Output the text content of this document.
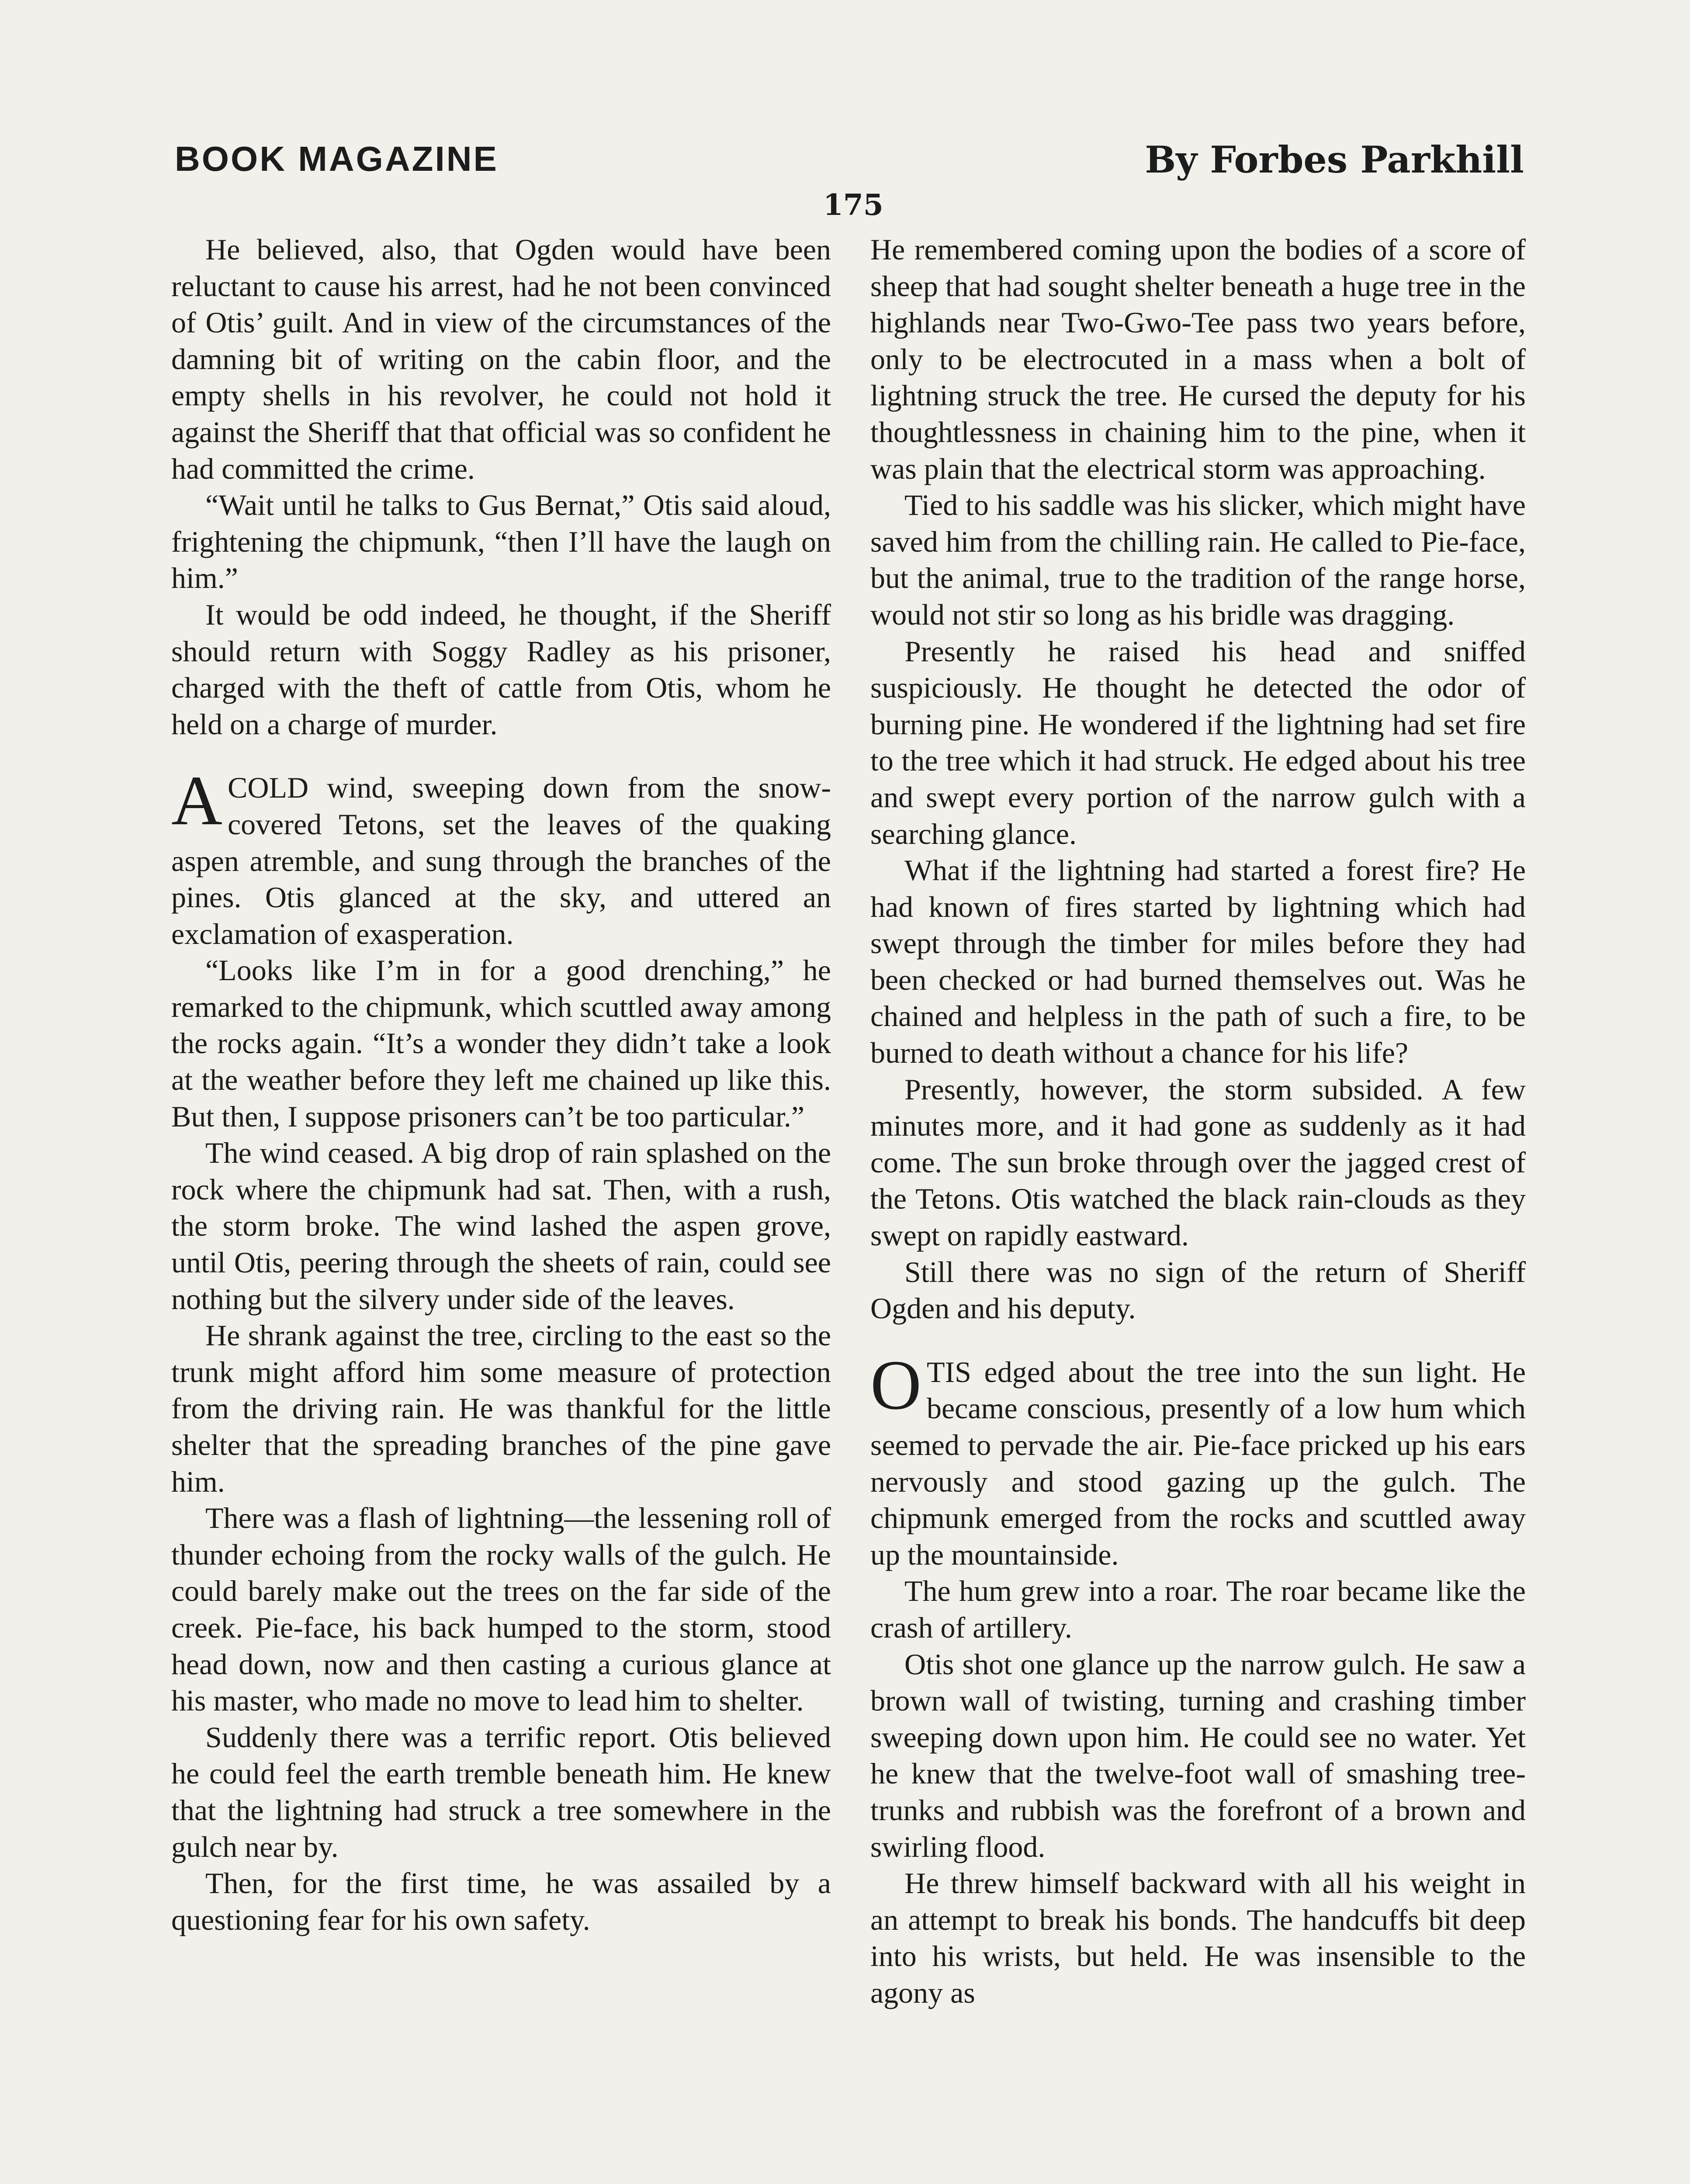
BOOK MAGAZINE	By Forbes Parkhill
175

He believed, also, that Ogden would have been reluctant to cause his arrest, had he not been convinced of Otis’ guilt. And in view of the circumstances of the damning bit of writing on the cabin floor, and the empty shells in his revolver, he could not hold it against the Sheriff that that official was so confident he had committed the crime.

“Wait until he talks to Gus Bernat,” Otis said aloud, frightening the chipmunk, “then I’ll have the laugh on him.”

It would be odd indeed, he thought, if the Sheriff should return with Soggy Radley as his prisoner, charged with the theft of cattle from Otis, whom he held on a charge of murder.

A COLD wind, sweeping down from the snow-covered Tetons, set the leaves of the quaking aspen atremble, and sung through the branches of the pines. Otis glanced at the sky, and uttered an exclamation of exasperation.

“Looks like I’m in for a good drenching,” he remarked to the chipmunk, which scuttled away among the rocks again. “It’s a wonder they didn’t take a look at the weather before they left me chained up like this. But then, I suppose prisoners can’t be too particular.”

The wind ceased. A big drop of rain splashed on the rock where the chipmunk had sat. Then, with a rush, the storm broke. The wind lashed the aspen grove, until Otis, peering through the sheets of rain, could see nothing but the silvery under side of the leaves.

He shrank against the tree, circling to the east so the trunk might afford him some measure of protection from the driving rain. He was thankful for the little shelter that the spreading branches of the pine gave him.

There was a flash of lightning—the lessening roll of thunder echoing from the rocky walls of the gulch. He could barely make out the trees on the far side of the creek. Pie-face, his back humped to the storm, stood head down, now and then casting a curious glance at his master, who made no move to lead him to shelter.

Suddenly there was a terrific report. Otis believed he could feel the earth tremble beneath him. He knew that the lightning had struck a tree somewhere in the gulch near by.

Then, for the first time, he was assailed by a questioning fear for his own safety.

He remembered coming upon the bodies of a score of sheep that had sought shelter beneath a huge tree in the highlands near Two-Gwo-Tee pass two years before, only to be electrocuted in a mass when a bolt of lightning struck the tree. He cursed the deputy for his thoughtlessness in chaining him to the pine, when it was plain that the electrical storm was approaching.

Tied to his saddle was his slicker, which might have saved him from the chilling rain. He called to Pie-face, but the animal, true to the tradition of the range horse, would not stir so long as his bridle was dragging.

Presently he raised his head and sniffed suspiciously. He thought he detected the odor of burning pine. He wondered if the lightning had set fire to the tree which it had struck. He edged about his tree and swept every portion of the narrow gulch with a searching glance.

What if the lightning had started a forest fire? He had known of fires started by lightning which had swept through the timber for miles before they had been checked or had burned themselves out. Was he chained and helpless in the path of such a fire, to be burned to death without a chance for his life?

Presently, however, the storm subsided. A few minutes more, and it had gone as suddenly as it had come. The sun broke through over the jagged crest of the Tetons. Otis watched the black rain-clouds as they swept on rapidly eastward.

Still there was no sign of the return of Sheriff Ogden and his deputy.

OTIS edged about the tree into the sun light. He became conscious, presently of a low hum which seemed to pervade the air. Pie-face pricked up his ears nervously and stood gazing up the gulch. The chipmunk emerged from the rocks and scuttled away up the mountainside.

The hum grew into a roar. The roar became like the crash of artillery.

Otis shot one glance up the narrow gulch. He saw a brown wall of twisting, turning and crashing timber sweeping down upon him. He could see no water. Yet he knew that the twelve-foot wall of smashing tree-trunks and rubbish was the forefront of a brown and swirling flood.

He threw himself backward with all his weight in an attempt to break his bonds. The handcuffs bit deep into his wrists, but held. He was insensible to the agony as
